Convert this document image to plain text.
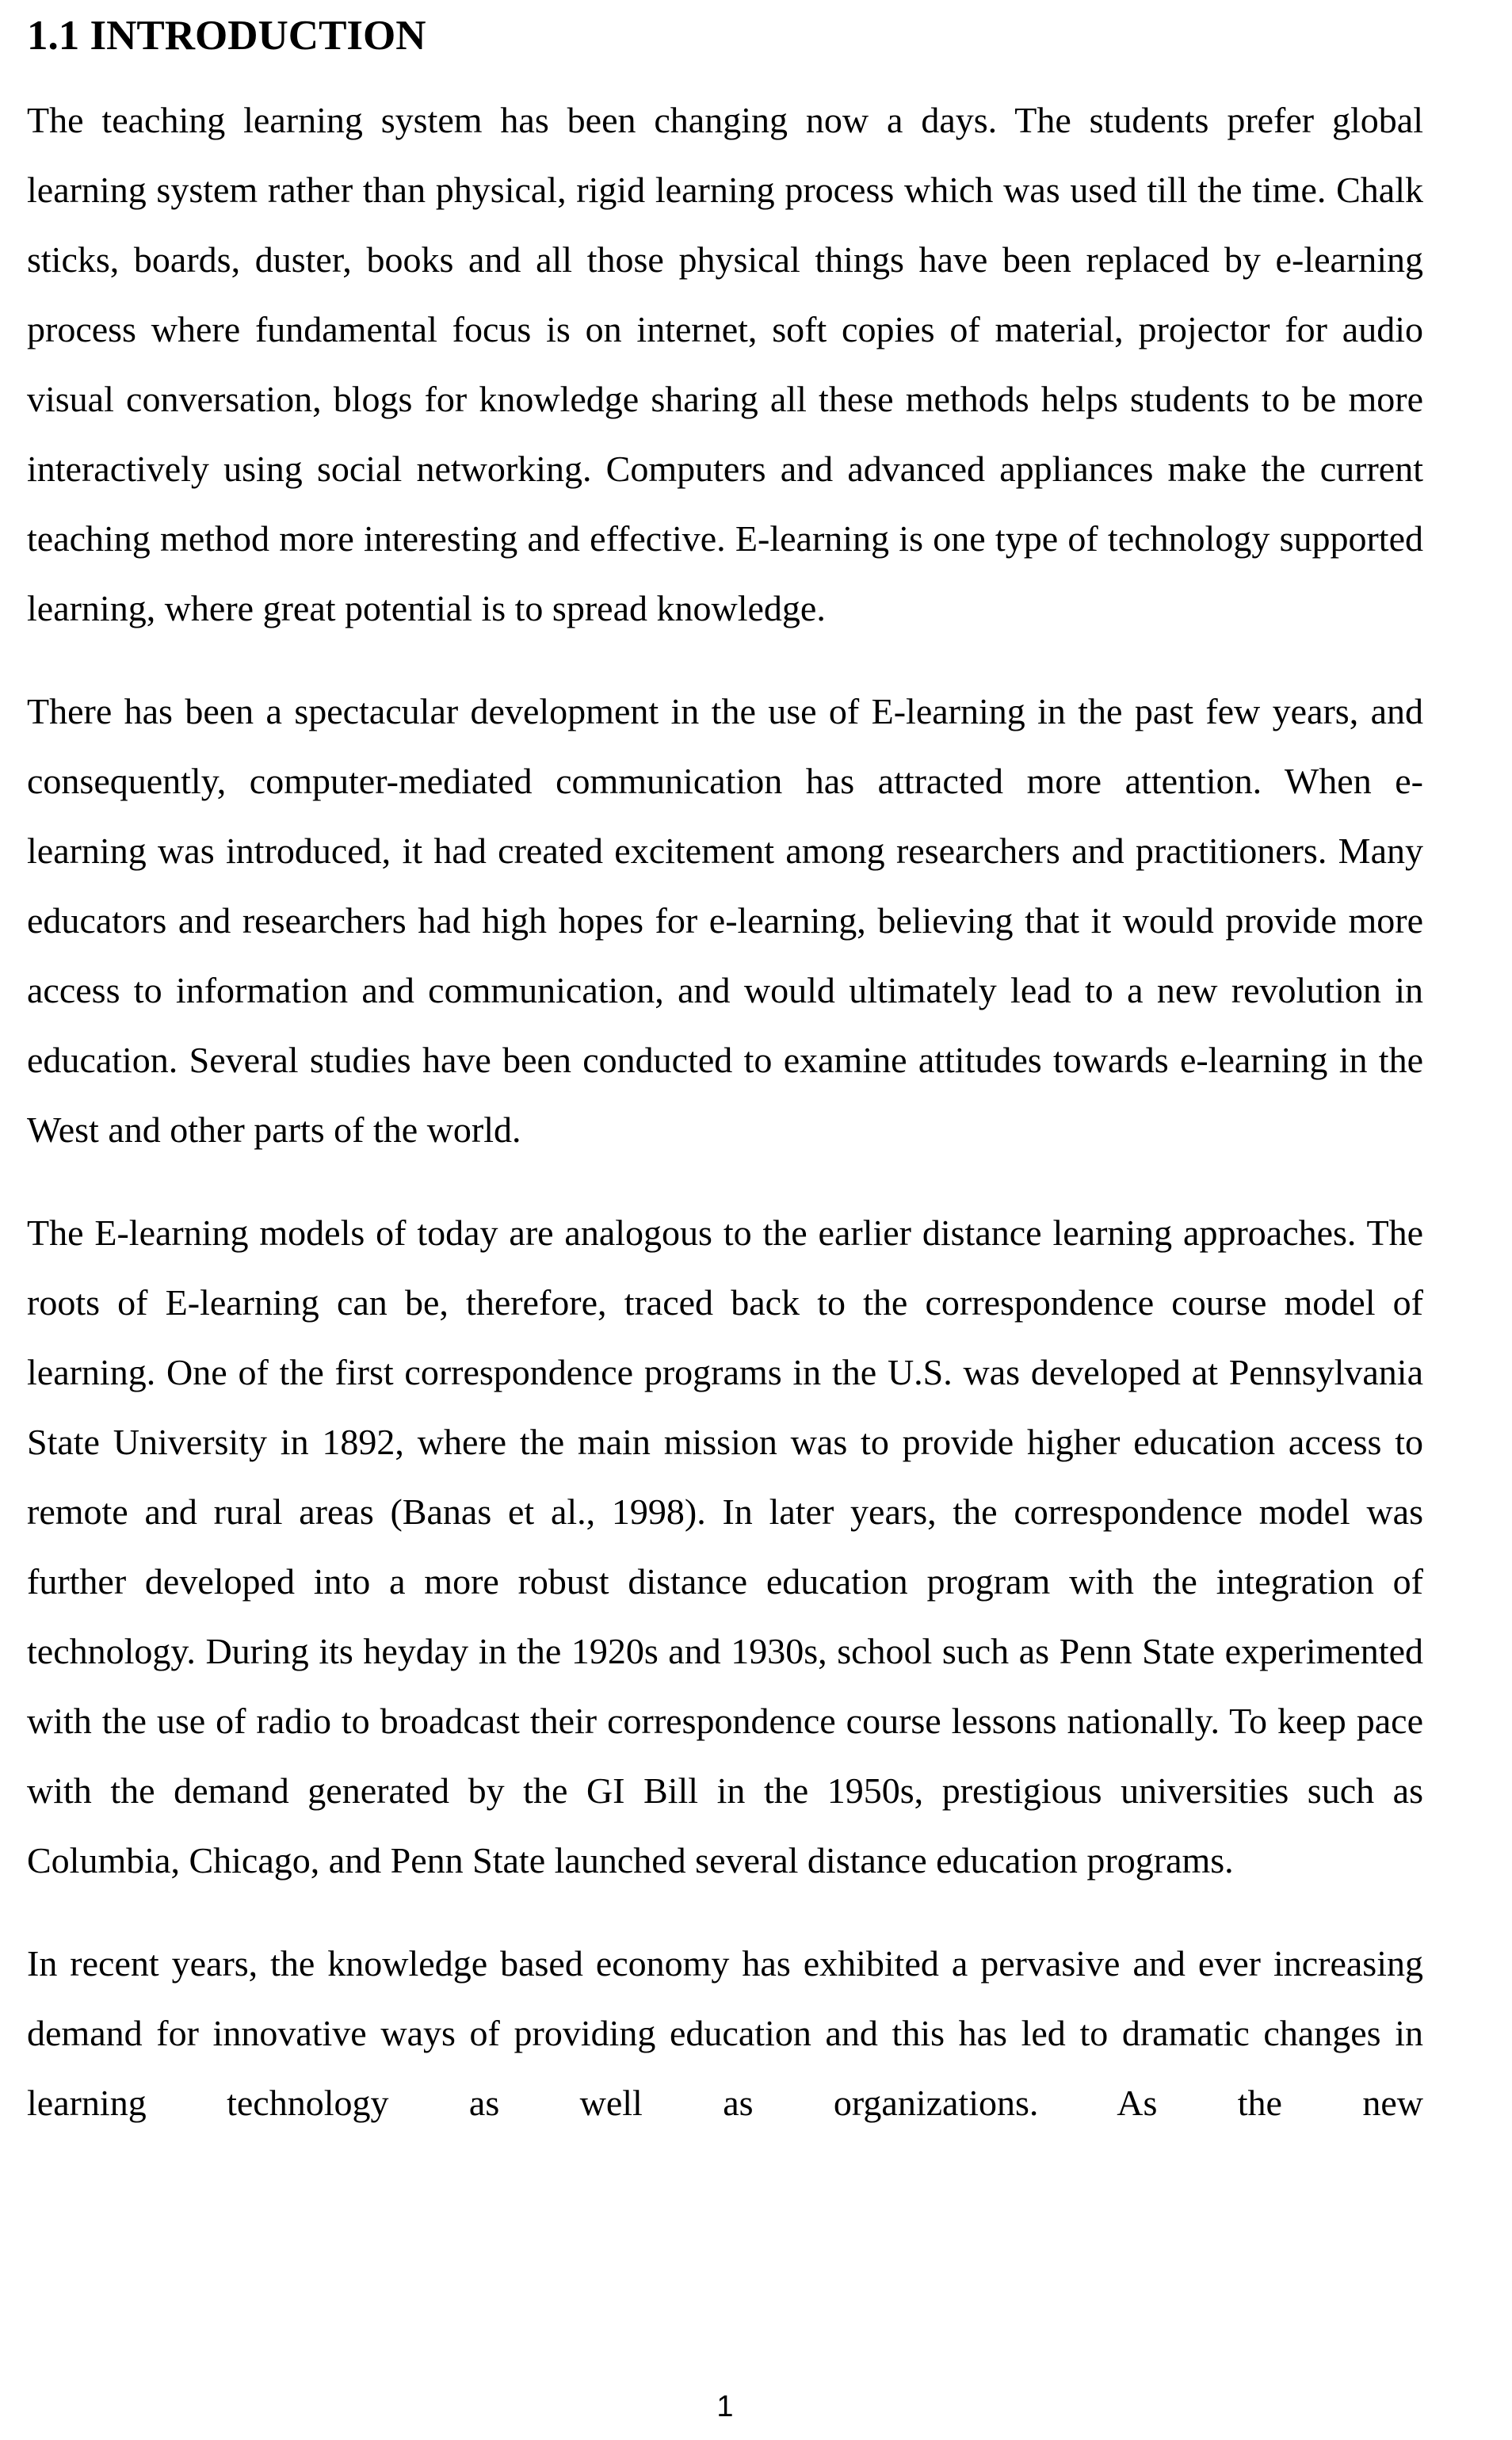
1.1 INTRODUCTION

The teaching learning system has been changing now a days. The students prefer global learning system rather than physical, rigid learning process which was used till the time. Chalk sticks, boards, duster, books and all those physical things have been replaced by e-learning process where fundamental focus is on internet, soft copies of material, projector for audio visual conversation, blogs for knowledge sharing all these methods helps students to be more interactively using social networking. Computers and advanced appliances make the current teaching method more interesting and effective. E-learning is one type of technology supported learning, where great potential is to spread knowledge.

There has been a spectacular development in the use of E-learning in the past few years, and consequently, computer-mediated communication has attracted more attention. When e-learning was introduced, it had created excitement among researchers and practitioners. Many educators and researchers had high hopes for e-learning, believing that it would provide more access to information and communication, and would ultimately lead to a new revolution in education. Several studies have been conducted to examine attitudes towards e-learning in the West and other parts of the world.

The E-learning models of today are analogous to the earlier distance learning approaches. The roots of E-learning can be, therefore, traced back to the correspondence course model of learning. One of the first correspondence programs in the U.S. was developed at Pennsylvania State University in 1892, where the main mission was to provide higher education access to remote and rural areas (Banas et al., 1998). In later years, the correspondence model was further developed into a more robust distance education program with the integration of technology. During its heyday in the 1920s and 1930s, school such as Penn State experimented with the use of radio to broadcast their correspondence course lessons nationally. To keep pace with the demand generated by the GI Bill in the 1950s, prestigious universities such as Columbia, Chicago, and Penn State launched several distance education programs.

In recent years, the knowledge based economy has exhibited a pervasive and ever increasing demand for innovative ways of providing education and this has led to dramatic changes in learning technology as well as organizations. As the new

1
